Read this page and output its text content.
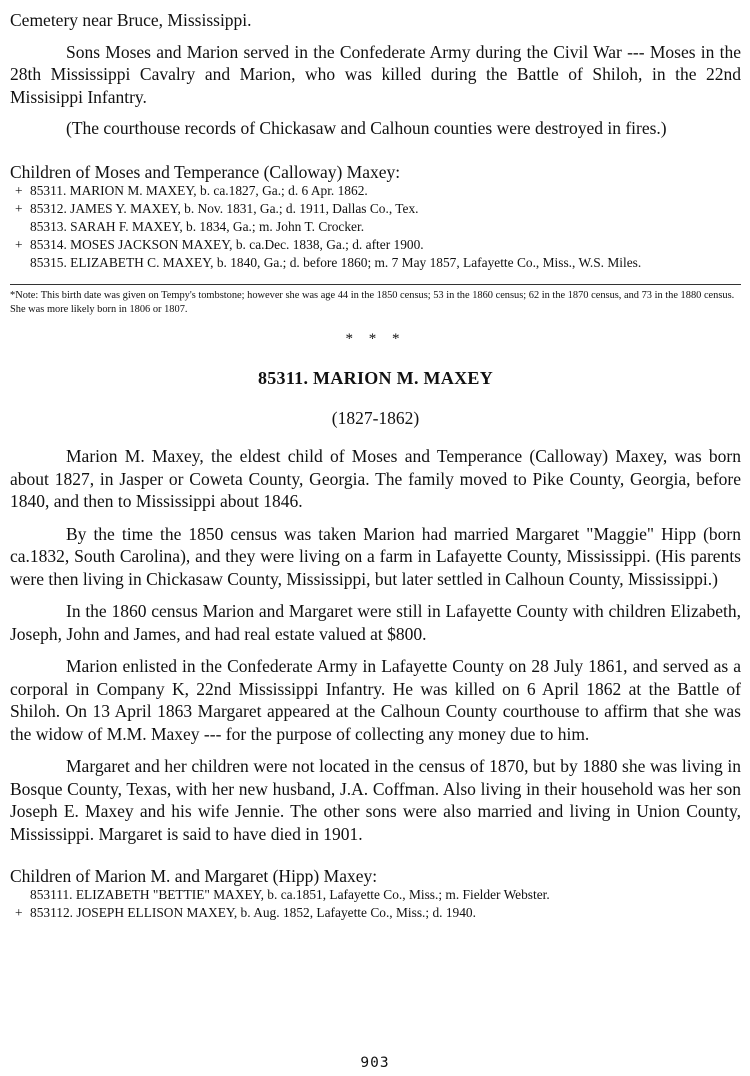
Cemetery near Bruce, Mississippi.

Sons Moses and Marion served in the Confederate Army during the Civil War --- Moses in the 28th Mississippi Cavalry and Marion, who was killed during the Battle of Shiloh, in the 22nd Missisippi Infantry.

(The courthouse records of Chickasaw and Calhoun counties were destroyed in fires.)

Children of Moses and Temperance (Calloway) Maxey:

+ 85311. MARION M. MAXEY, b. ca.1827, Ga.; d. 6 Apr. 1862.
+ 85312. JAMES Y. MAXEY, b. Nov. 1831, Ga.; d. 1911, Dallas Co., Tex.
85313. SARAH F. MAXEY, b. 1834, Ga.; m. John T. Crocker.
+ 85314. MOSES JACKSON MAXEY, b. ca.Dec. 1838, Ga.; d. after 1900.
85315. ELIZABETH C. MAXEY, b. 1840, Ga.; d. before 1860; m. 7 May 1857, Lafayette Co., Miss., W.S. Miles.

*Note: This birth date was given on Tempy's tombstone; however she was age 44 in the 1850 census; 53 in the 1860 census; 62 in the 1870 census, and 73 in the 1880 census. She was more likely born in 1806 or 1807.

* * *

85311. MARION M. MAXEY

(1827-1862)

Marion M. Maxey, the eldest child of Moses and Temperance (Calloway) Maxey, was born about 1827, in Jasper or Coweta County, Georgia. The family moved to Pike County, Georgia, before 1840, and then to Mississippi about 1846.

By the time the 1850 census was taken Marion had married Margaret "Maggie" Hipp (born ca.1832, South Carolina), and they were living on a farm in Lafayette County, Mississippi. (His parents were then living in Chickasaw County, Mississippi, but later settled in Calhoun County, Mississippi.)

In the 1860 census Marion and Margaret were still in Lafayette County with children Elizabeth, Joseph, John and James, and had real estate valued at $800.

Marion enlisted in the Confederate Army in Lafayette County on 28 July 1861, and served as a corporal in Company K, 22nd Mississippi Infantry. He was killed on 6 April 1862 at the Battle of Shiloh. On 13 April 1863 Margaret appeared at the Calhoun County courthouse to affirm that she was the widow of M.M. Maxey --- for the purpose of collecting any money due to him.

Margaret and her children were not located in the census of 1870, but by 1880 she was living in Bosque County, Texas, with her new husband, J.A. Coffman. Also living in their household was her son Joseph E. Maxey and his wife Jennie. The other sons were also married and living in Union County, Mississippi. Margaret is said to have died in 1901.

Children of Marion M. and Margaret (Hipp) Maxey:

853111. ELIZABETH "BETTIE" MAXEY, b. ca.1851, Lafayette Co., Miss.; m. Fielder Webster.
+ 853112. JOSEPH ELLISON MAXEY, b. Aug. 1852, Lafayette Co., Miss.; d. 1940.
903
